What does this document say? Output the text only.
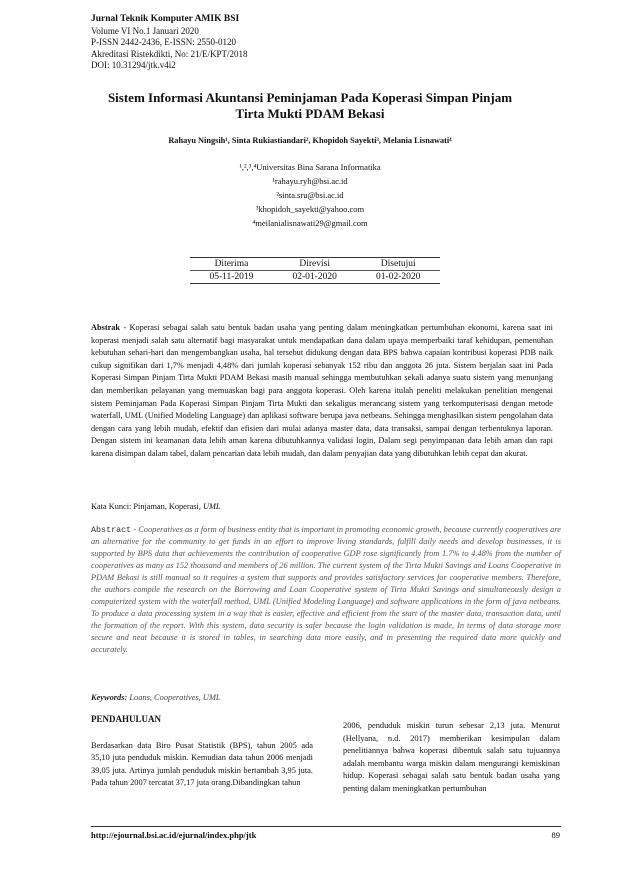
Jurnal Teknik Komputer AMIK BSI
Volume VI No.1 Januari 2020
P-ISSN 2442-2436, E-ISSN: 2550-0120
Akreditasi Ristekdikti, No: 21/E/KPT/2018
DOI: 10.31294/jtk.v4i2
Sistem Informasi Akuntansi Peminjaman Pada Koperasi Simpan Pinjam
Tirta Mukti PDAM Bekasi
Rahayu Ningsih¹, Sinta Rukiastiandari², Khopidoh Sayekti³, Melania Lisnawati⁴
¹,²,³,⁴Universitas Bina Sarana Informatika
¹rahayu.ryh@bsi.ac.id
²sinta.sru@bsi.ac.id
³khopidoh_sayekti@yahoo.com
⁴meilanialisnawati29@gmail.com
Diterima	Direvisi	Disetujui
05-11-2019	02-01-2020	01-02-2020
Abstrak - Koperasi sebagai salah satu bentuk badan usaha yang penting dalam meningkatkan pertumbuhan ekonomi, karena saat ini koperasi menjadi salah satu alternatif bagi masyarakat untuk mendapatkan dana dalam upaya memperbaiki taraf kehidupan, pemenuhan kebutuhan sehari-hari dan mengembangkan usaha, hal tersebut didukung dengan data BPS bahwa capaian kontribusi koperasi PDB naik cukup signifikan dari 1,7% menjadi 4,48% dari jumlah koperasi sebanyak 152 ribu dan anggota 26 juta. Sistem berjalan saat ini Pada Koperasi Simpan Pinjam Tirta Mukti PDAM Bekasi masih manual sehingga membutuhkan sekali adanya suatu sistem yang menunjang dan memberikan pelayanan yang memuaskan bagi para anggota koperasi. Oleh karena itulah peneliti melakukan penelitian mengenai sistem Peminjaman Pada Koperasi Simpan Pinjam Tirta Mukti dan sekaligus merancang sistem yang terkomputerisasi dengan metode waterfall, UML (Unified Modeling Language) dan aplikasi software berupa java netbeans. Sehingga menghasilkan sistem pengolahan data dengan cara yang lebih mudah, efektif dan efisien dari mulai adanya master data, data transaksi, sampai dengan terbentuknya laporan. Dengan sistem ini keamanan data lebih aman karena dibutuhkannya validasi login, Dalam segi penyimpanan data lebih aman dan rapi karena disimpan dalam tabel, dalam pencarian data lebih mudah, dan dalam penyajian data yang dibutuhkan lebih cepat dan akurat.
Kata Kunci: Pinjaman, Koperasi, UML
Abstract - Cooperatives as a form of business entity that is important in promoting economic growth, because currently cooperatives are an alternative for the community to get funds in an effort to improve living standards, fulfill daily needs and develop businesses, it is supported by BPS data that achievements the contribution of cooperative GDP rose significantly from 1.7% to 4.48% from the number of cooperatives as many as 152 thousand and members of 26 million. The current system of the Tirta Mukti Savings and Loans Cooperative in PDAM Bekasi is still manual so it requires a system that supports and provides satisfactory services for cooperative members. Therefore, the authors compile the research on the Borrowing and Loan Cooperative system of Tirta Mukti Savings and simultaneously design a computerized system with the waterfall method, UML (Unified Modeling Language) and software applications in the form of java netbeans. To produce a data processing system in a way that is easier, effective and efficient from the start of the master data, transaction data, until the formation of the report. With this system, data security is safer because the login validation is made, In terms of data storage more secure and neat because it is stored in tables, in searching data more easily, and in presenting the required data more quickly and accurately.
Keywords: Loans, Cooperatives, UML
PENDAHULUAN

Berdasarkan data Biro Pusat Statistik (BPS), tahun 2005 ada 35,10 juta penduduk miskin. Kemudian data tahun 2006 menjadi 39,05 juta. Artinya jumlah penduduk miskin bertambah 3,95 juta. Pada tahun 2007 tercatat 37,17 juta orang.Dibandingkan tahun

2006, penduduk miskin turun sebesar 2,13 juta. Menurut (Hellyana, n.d. 2017) memberikan kesimpulan dalam penelitiannya bahwa koperasi dibentuk salah satu tujuannya adalah membantu warga miskin dalam mengurangi kemiskinan hidup. Koperasi sebagai salah satu bentuk badan usaha yang penting dalam meningkatkan pertumbuhan

http://ejournal.bsi.ac.id/ejurnal/index.php/jtk	89
